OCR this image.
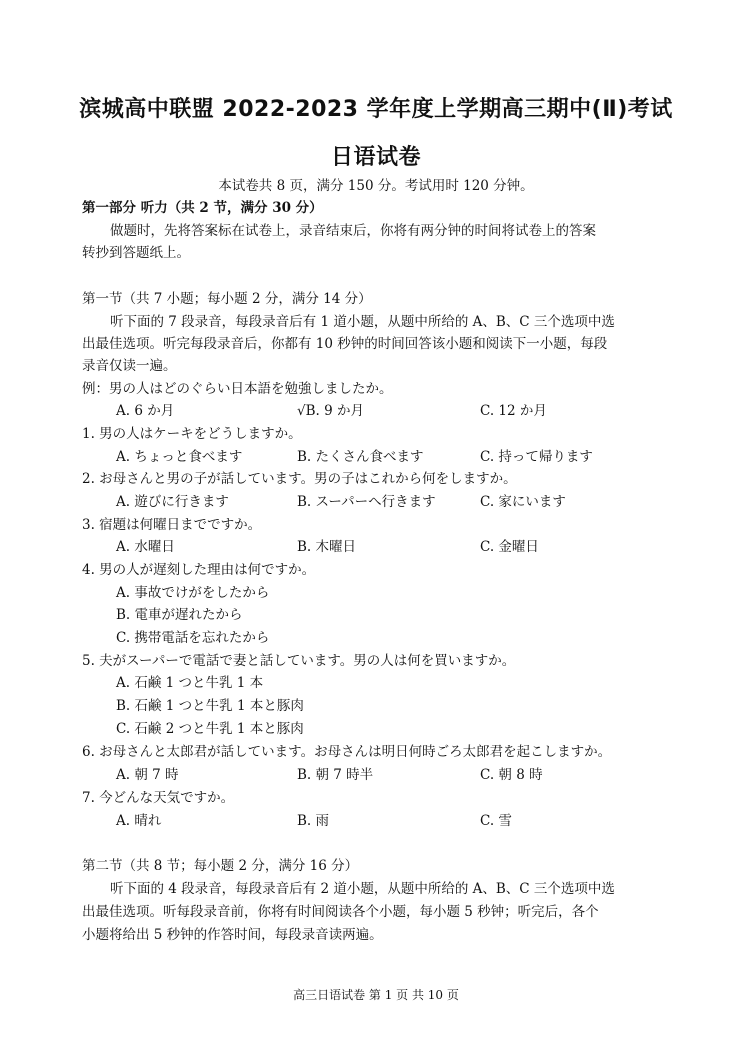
滨城高中联盟 2022-2023 学年度上学期高三期中(Ⅱ)考试
日语试卷
本试卷共 8 页，满分 150 分。考试用时 120 分钟。
第一部分 听力（共 2 节，满分 30 分）
做题时，先将答案标在试卷上，录音结束后，你将有两分钟的时间将试卷上的答案
转抄到答题纸上。
第一节（共 7 小题；每小题 2 分，满分 14 分）
听下面的 7 段录音，每段录音后有 1 道小题，从题中所给的 A、B、C 三个选项中选
出最佳选项。听完每段录音后，你都有 10 秒钟的时间回答该小题和阅读下一小题，每段
录音仅读一遍。
例：男の人はどのぐらい日本語を勉強しましたか。
A. 6 か月	√B. 9 か月	C. 12 か月
1. 男の人はケーキをどうしますか。
A. ちょっと食べます	B. たくさん食べます	C. 持って帰ります
2. お母さんと男の子が話しています。男の子はこれから何をしますか。
A. 遊びに行きます	B. スーパーへ行きます	C. 家にいます
3. 宿題は何曜日までですか。
A. 水曜日	B. 木曜日	C. 金曜日
4. 男の人が遅刻した理由は何ですか。
A. 事故でけがをしたから
B. 電車が遅れたから
C. 携帯電話を忘れたから
5. 夫がスーパーで電話で妻と話しています。男の人は何を買いますか。
A. 石鹸 1 つと牛乳 1 本
B. 石鹸 1 つと牛乳 1 本と豚肉
C. 石鹸 2 つと牛乳 1 本と豚肉
6. お母さんと太郎君が話しています。お母さんは明日何時ごろ太郎君を起こしますか。
A. 朝 7 時	B. 朝 7 時半	C. 朝 8 時
7. 今どんな天気ですか。
A. 晴れ	B. 雨	C. 雪
第二节（共 8 节；每小题 2 分，满分 16 分）
听下面的 4 段录音，每段录音后有 2 道小题，从题中所给的 A、B、C 三个选项中选
出最佳选项。听每段录音前，你将有时间阅读各个小题，每小题 5 秒钟；听完后，各个
小题将给出 5 秒钟的作答时间，每段录音读两遍。
高三日语试卷 第 1 页 共 10 页
